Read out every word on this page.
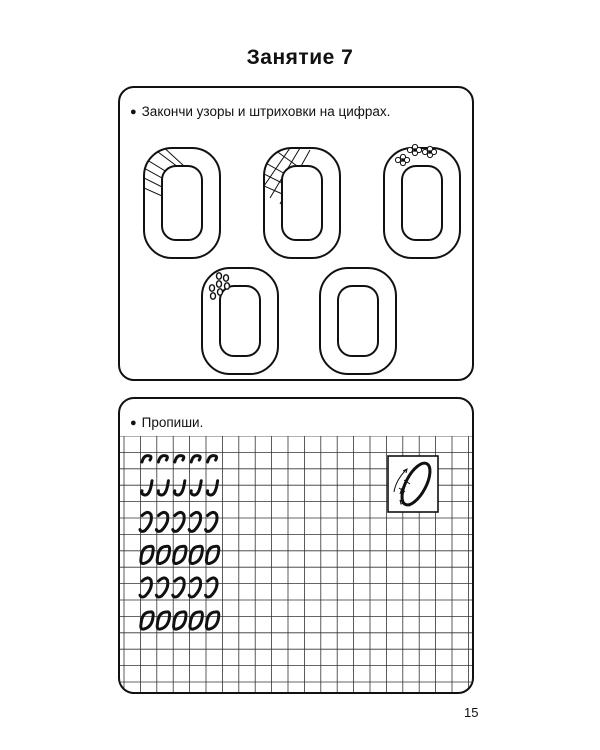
Занятие 7
● Закончи узоры и штриховки на цифрах.
● Пропиши.
15
